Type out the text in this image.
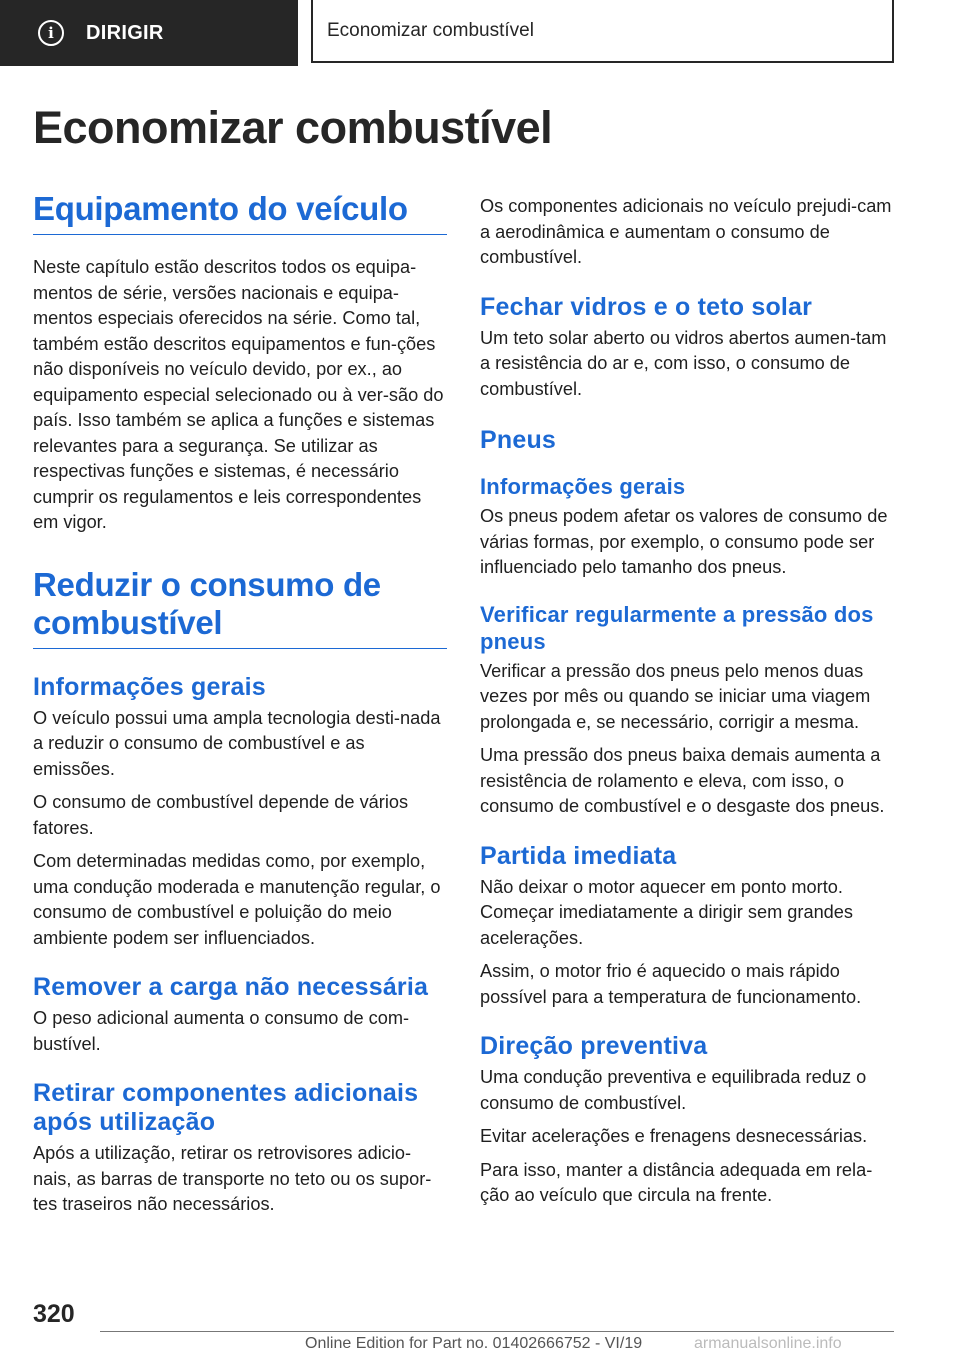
i	DIRIGIR	Economizar combustível
Economizar combustível
Equipamento do veículo

Neste capítulo estão descritos todos os equipa-mentos de série, versões nacionais e equipa-mentos especiais oferecidos na série. Como tal, também estão descritos equipamentos e fun-ções não disponíveis no veículo devido, por ex., ao equipamento especial selecionado ou à ver-são do país. Isso também se aplica a funções e sistemas relevantes para a segurança. Se utilizar as respectivas funções e sistemas, é necessário cumprir os regulamentos e leis correspondentes em vigor.

Reduzir o consumo de combustível
Informações gerais

O veículo possui uma ampla tecnologia desti-nada a reduzir o consumo de combustível e as emissões.

O consumo de combustível depende de vários fatores.

Com determinadas medidas como, por exemplo, uma condução moderada e manutenção regular, o consumo de combustível e poluição do meio ambiente podem ser influenciados.

Remover a carga não necessária

O peso adicional aumenta o consumo de com-bustível.

Retirar componentes adicionais após utilização

Após a utilização, retirar os retrovisores adicio-nais, as barras de transporte no teto ou os supor-tes traseiros não necessários.

Os componentes adicionais no veículo prejudi-cam a aerodinâmica e aumentam o consumo de combustível.

Fechar vidros e o teto solar

Um teto solar aberto ou vidros abertos aumen-tam a resistência do ar e, com isso, o consumo de combustível.

Pneus
Informações gerais

Os pneus podem afetar os valores de consumo de várias formas, por exemplo, o consumo pode ser influenciado pelo tamanho dos pneus.

Verificar regularmente a pressão dos pneus

Verificar a pressão dos pneus pelo menos duas vezes por mês ou quando se iniciar uma viagem prolongada e, se necessário, corrigir a mesma.

Uma pressão dos pneus baixa demais aumenta a resistência de rolamento e eleva, com isso, o consumo de combustível e o desgaste dos pneus.

Partida imediata

Não deixar o motor aquecer em ponto morto. Começar imediatamente a dirigir sem grandes acelerações.

Assim, o motor frio é aquecido o mais rápido possível para a temperatura de funcionamento.

Direção preventiva

Uma condução preventiva e equilibrada reduz o consumo de combustível.

Evitar acelerações e frenagens desnecessárias.

Para isso, manter a distância adequada em rela-ção ao veículo que circula na frente.

320
Online Edition for Part no. 01402666752 - VI/19	armanualsonline.info
